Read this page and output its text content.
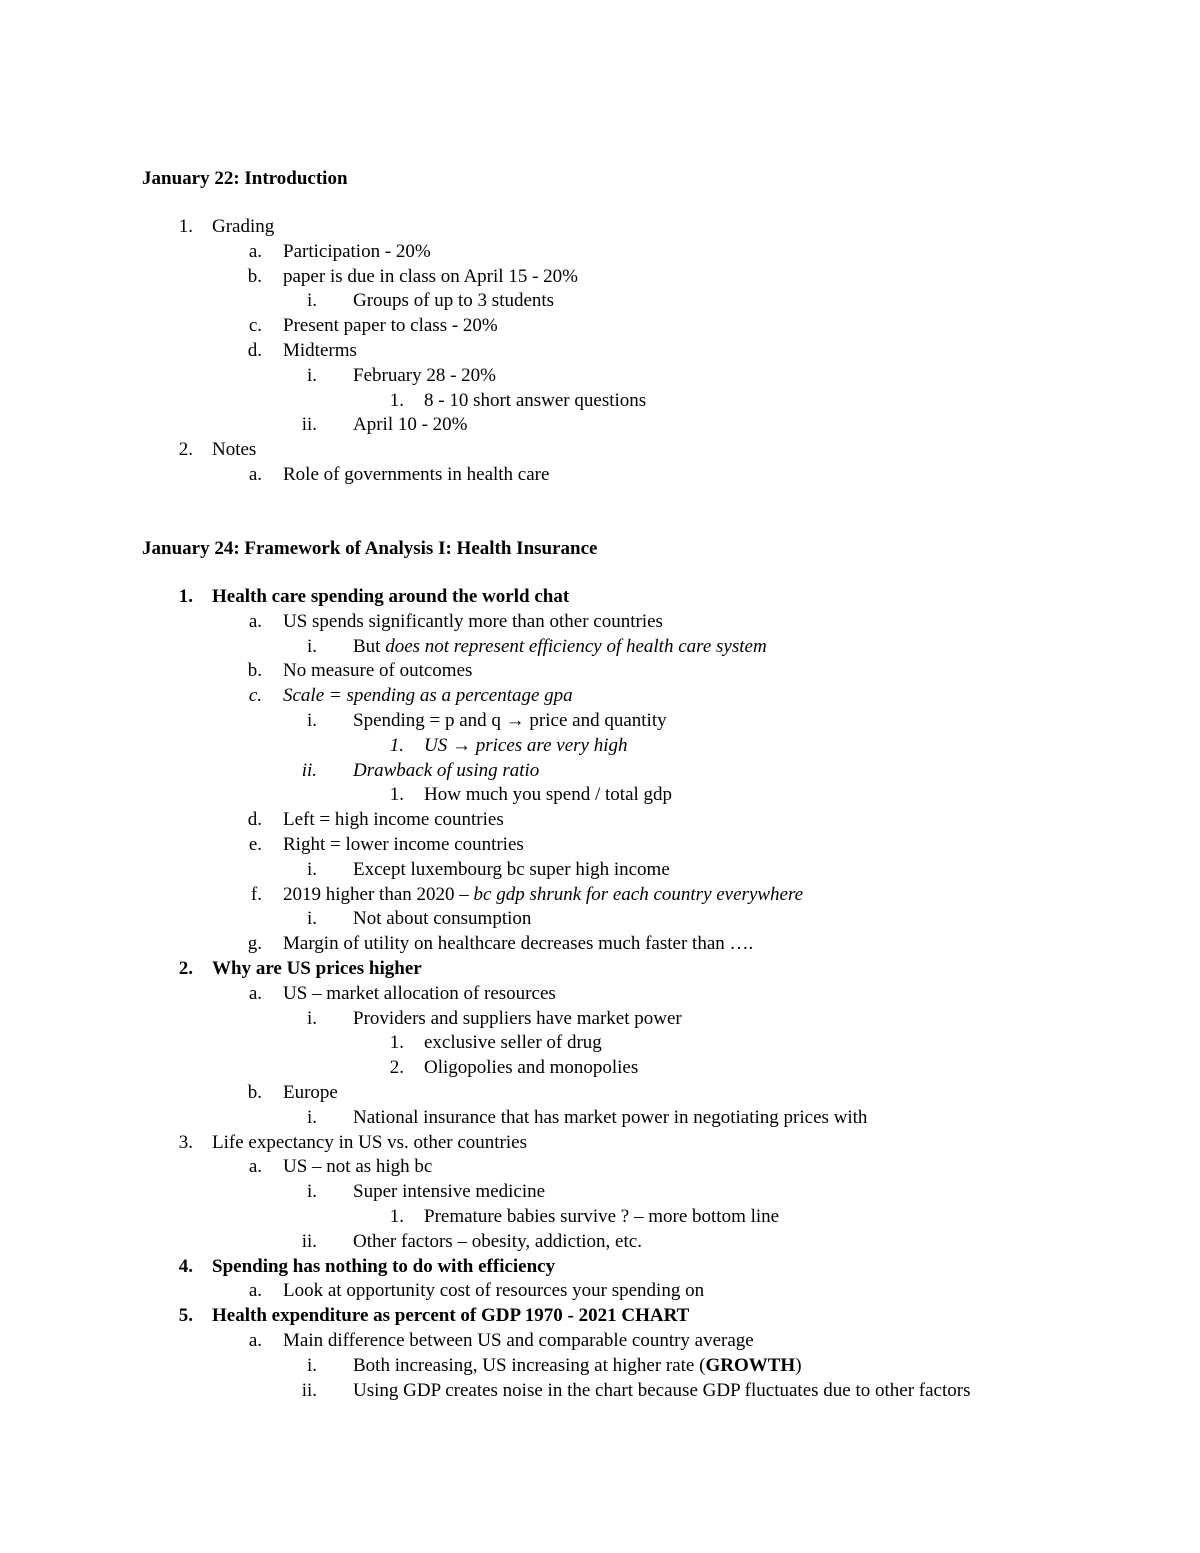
January 22: Introduction
1. Grading
a. Participation - 20%
b. paper is due in class on April 15 - 20%
i. Groups of up to 3 students
c. Present paper to class - 20%
d. Midterms
i. February 28 - 20%
1. 8 - 10 short answer questions
ii. April 10 - 20%
2. Notes
a. Role of governments in health care
January 24: Framework of Analysis I: Health Insurance
1. Health care spending around the world chat
a. US spends significantly more than other countries
i. But does not represent efficiency of health care system
b. No measure of outcomes
c. Scale = spending as a percentage gpa
i. Spending = p and q → price and quantity
1. US → prices are very high
ii. Drawback of using ratio
1. How much you spend / total gdp
d. Left = high income countries
e. Right = lower income countries
i. Except luxembourg bc super high income
f. 2019 higher than 2020 – bc gdp shrunk for each country everywhere
i. Not about consumption
g. Margin of utility on healthcare decreases much faster than ….
2. Why are US prices higher
a. US – market allocation of resources
i. Providers and suppliers have market power
1. exclusive seller of drug
2. Oligopolies and monopolies
b. Europe
i. National insurance that has market power in negotiating prices with
3. Life expectancy in US vs. other countries
a. US – not as high bc
i. Super intensive medicine
1. Premature babies survive ? – more bottom line
ii. Other factors – obesity, addiction, etc.
4. Spending has nothing to do with efficiency
a. Look at opportunity cost of resources your spending on
5. Health expenditure as percent of GDP 1970 - 2021 CHART
a. Main difference between US and comparable country average
i. Both increasing, US increasing at higher rate (GROWTH)
ii. Using GDP creates noise in the chart because GDP fluctuates due to other factors
